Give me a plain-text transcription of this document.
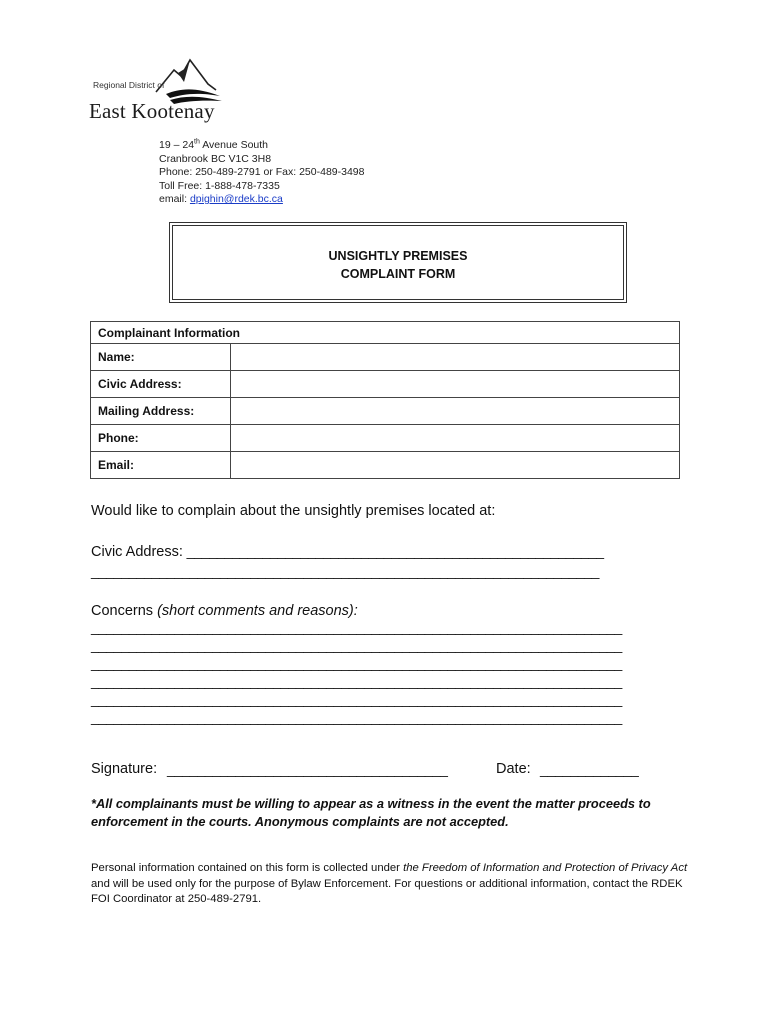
Regional District of
East Kootenay
19 – 24th Avenue South
Cranbrook BC V1C 3H8
Phone: 250-489-2791 or Fax: 250-489-3498
Toll Free: 1-888-478-7335
email: dpighin@rdek.bc.ca
UNSIGHTLY PREMISES
COMPLAINT FORM
Complainant Information	
Name:	
Civic Address:	
Mailing Address:	
Phone:	
Email:	
Would like to complain about the unsightly premises located at:
Civic Address: _______________________________________________________
___________________________________________________________________
Concerns (short comments and reasons):
______________________________________________________________________
______________________________________________________________________
______________________________________________________________________
______________________________________________________________________
______________________________________________________________________
______________________________________________________________________
Signature: _____________________________________	Date: _____________
*All complainants must be willing to appear as a witness in the event the matter proceeds to enforcement in the courts. Anonymous complaints are not accepted.
Personal information contained on this form is collected under the Freedom of Information and Protection of Privacy Act and will be used only for the purpose of Bylaw Enforcement. For questions or additional information, contact the RDEK FOI Coordinator at 250-489-2791.
